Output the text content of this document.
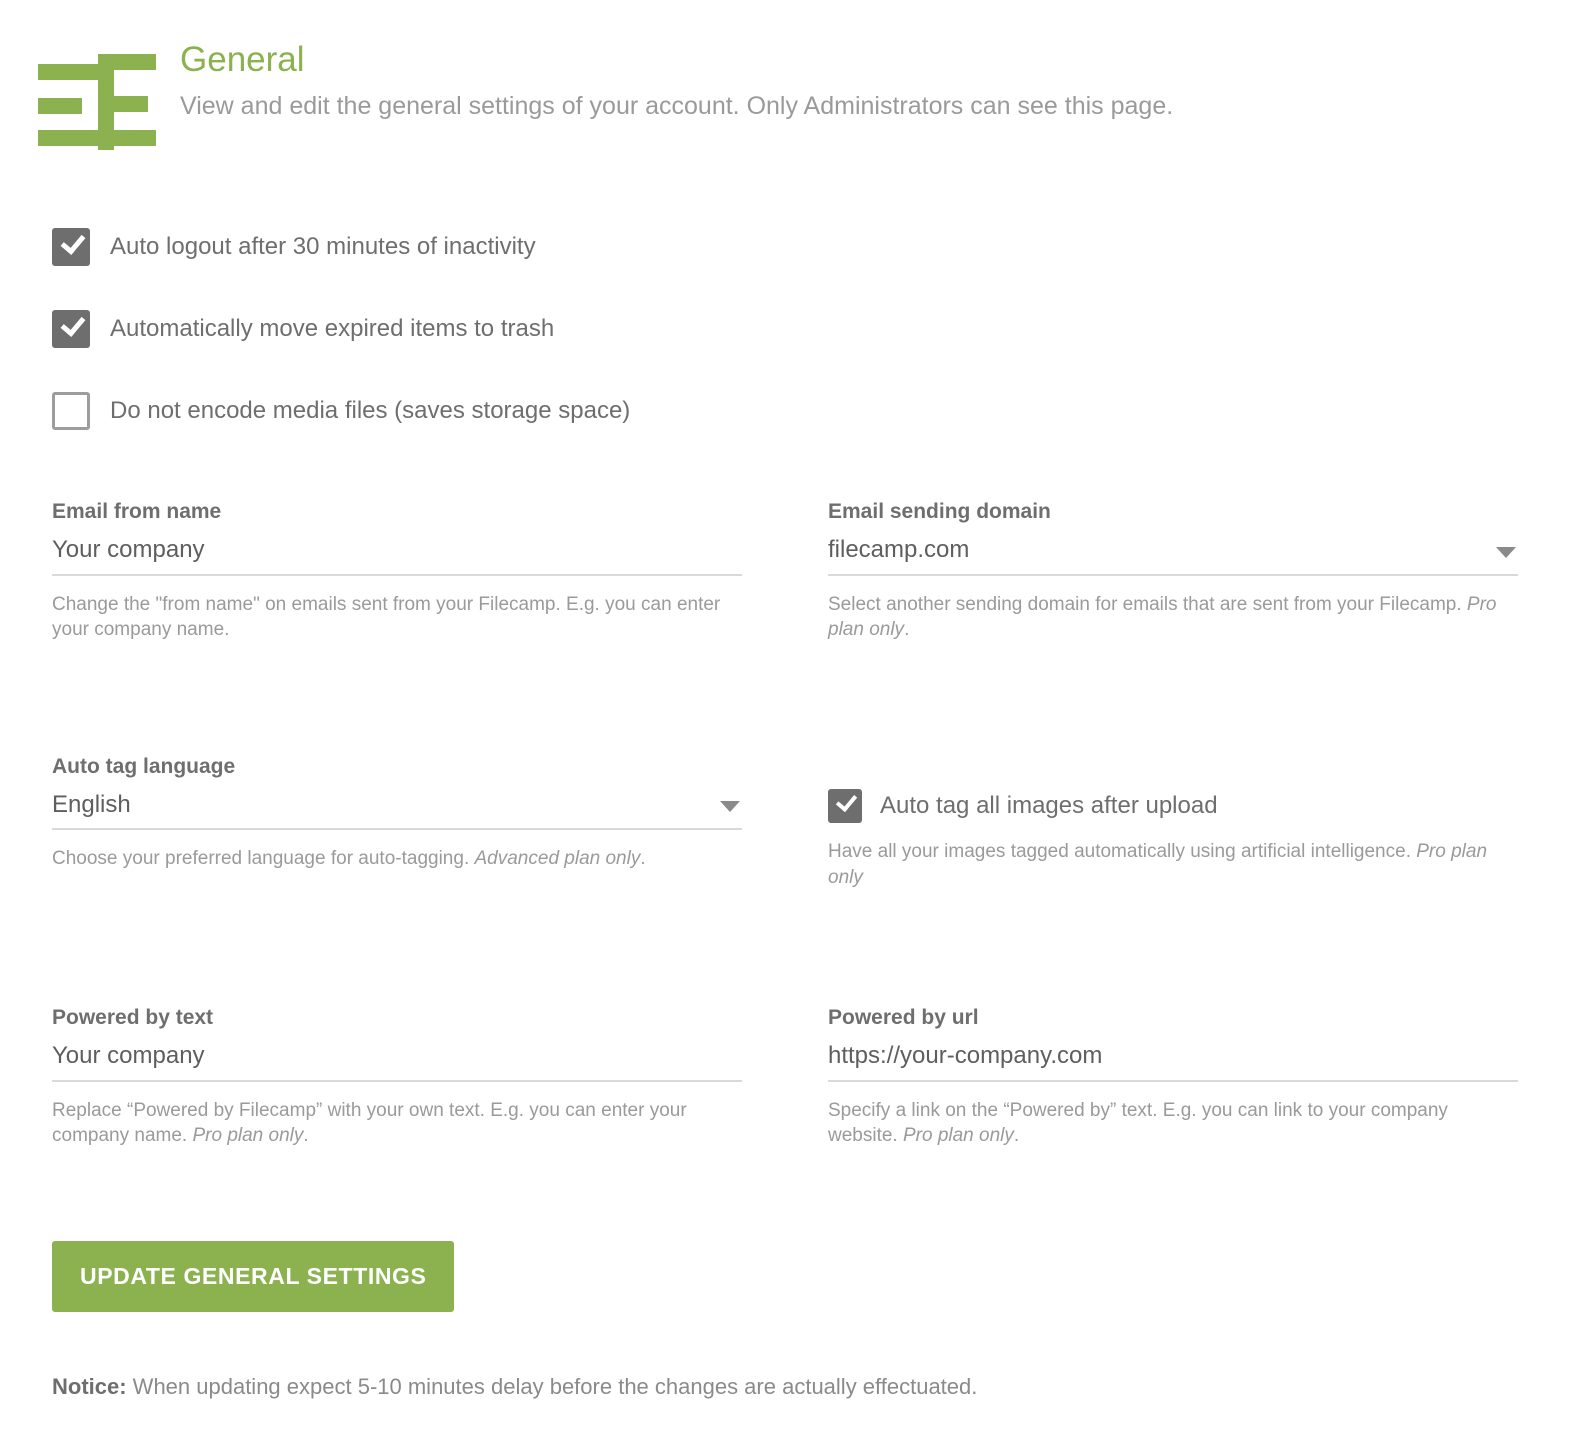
General

View and edit the general settings of your account. Only Administrators can see this page.

Auto logout after 30 minutes of inactivity
Automatically move expired items to trash
Do not encode media files (saves storage space)
Email from name
Your company
Change the "from name" on emails sent from your Filecamp. E.g. you can enter your company name.
Email sending domain
filecamp.com
Select another sending domain for emails that are sent from your Filecamp. Pro plan only.
Auto tag language
English
Choose your preferred language for auto-tagging. Advanced plan only.
Auto tag all images after upload
Have all your images tagged automatically using artificial intelligence. Pro plan only
Powered by text
Your company
Replace “Powered by Filecamp” with your own text. E.g. you can enter your company name. Pro plan only.
Powered by url
https://your-company.com
Specify a link on the “Powered by” text. E.g. you can link to your company website. Pro plan only.
UPDATE GENERAL SETTINGS
Notice: When updating expect 5-10 minutes delay before the changes are actually effectuated.
